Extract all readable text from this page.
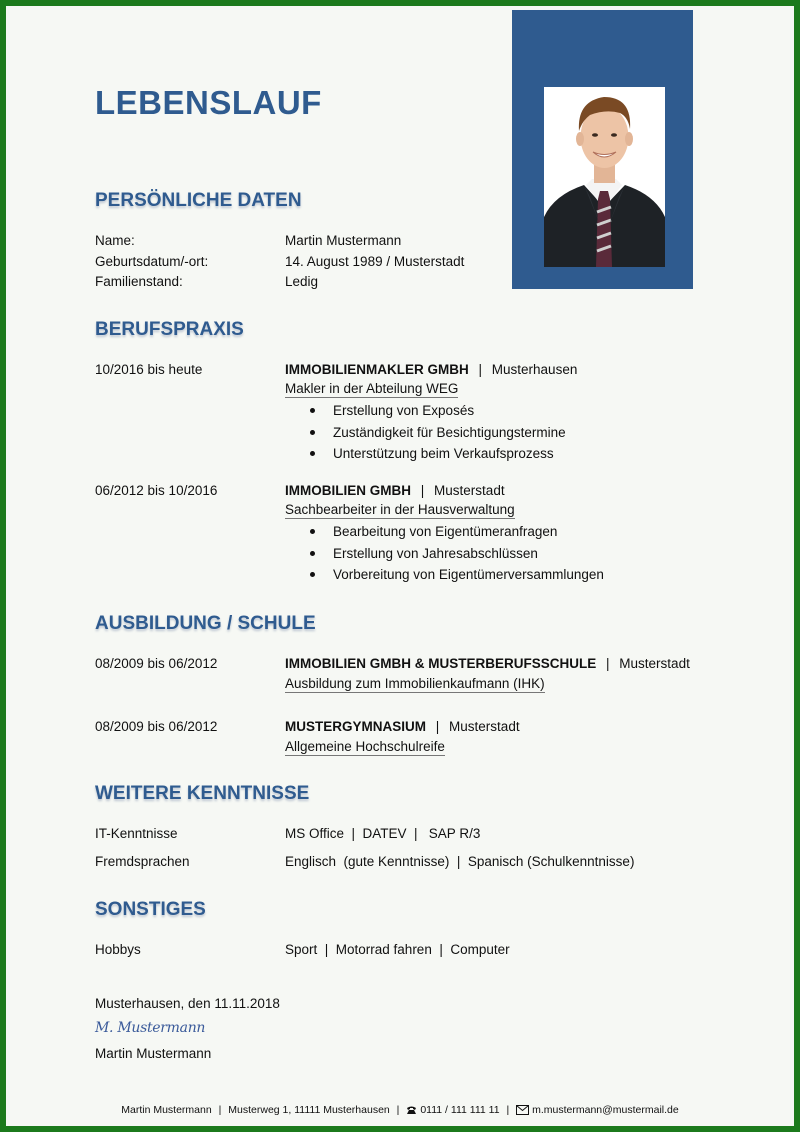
LEBENSLAUF
PERSÖNLICHE DATEN
Name:	Martin Mustermann
Geburtsdatum/-ort:	14. August 1989 / Musterstadt
Familienstand:	Ledig
BERUFSPRAXIS
10/2016 bis heute	IMMOBILIENMAKLER GMBH | Musterhausen
Makler in der Abteilung WEG
Erstellung von Exposés
Zuständigkeit für Besichtigungstermine
Unterstützung beim Verkaufsprozess
06/2012 bis 10/2016	IMMOBILIEN GMBH | Musterstadt
Sachbearbeiter in der Hausverwaltung
Bearbeitung von Eigentümeranfragen
Erstellung von Jahresabschlüssen
Vorbereitung von Eigentümerversammlungen
AUSBILDUNG / SCHULE
08/2009 bis 06/2012	IMMOBILIEN GMBH & MUSTERBERUFSSCHULE | Musterstadt
Ausbildung zum Immobilienkaufmann (IHK)
08/2009 bis 06/2012	MUSTERGYMNASIUM | Musterstadt
Allgemeine Hochschulreife
WEITERE KENNTNISSE
IT-Kenntnisse	MS Office  |  DATEV  |   SAP R/3
Fremdsprachen	Englisch  (gute Kenntnisse)  |  Spanisch (Schulkenntnisse)
SONSTIGES
Hobbys	Sport  |  Motorrad fahren  |  Computer
Musterhausen, den 11.11.2018
M. Mustermann
Martin Mustermann
Martin Mustermann | Musterweg 1, 11111 Musterhausen | 0111 / 111 111 11 | m.mustermann@mustermail.de
